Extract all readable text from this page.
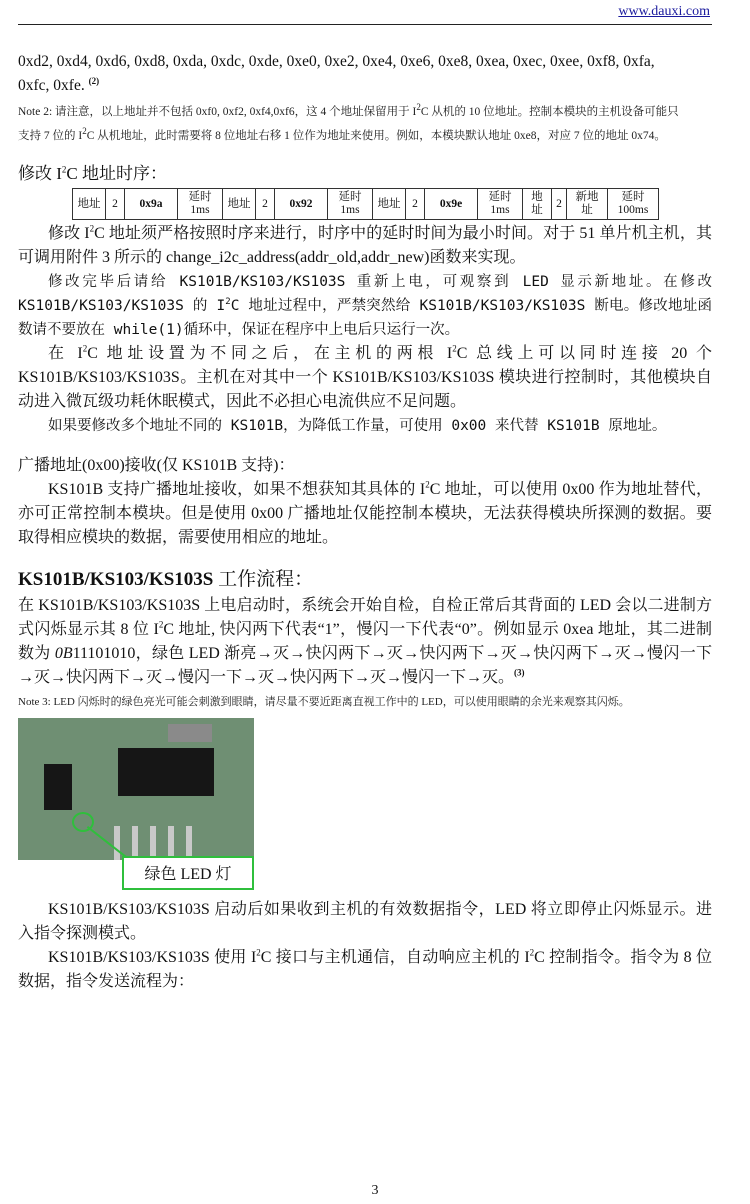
www.dauxi.com

0xd2, 0xd4, 0xd6, 0xd8, 0xda, 0xdc, 0xde, 0xe0, 0xe2, 0xe4, 0xe6, 0xe8, 0xea, 0xec, 0xee, 0xf8, 0xfa,
0xfc, 0xfe. $^{(2)}$

Note 2: 请注意，以上地址并不包括 0xf0, 0xf2, 0xf4,0xf6，这 4 个地址保留用于 $I^2C$ 从机的 10 位地址。控制本模块的主机设备可能只
支持 7 位的 $I^2C$ 从机地址，此时需要将 8 位地址右移 1 位作为地址来使用。例如，本模块默认地址 0xe8，对应 7 位的地址 0x74。

修改 $I^2C$ 地址时序：

地址	2	0x9a	延时 1ms	地址	2	0x92	延时 1ms	地址	2	0x9e	延时 1ms	地址	2	新地址	延时 100ms

修改 $I^2C$ 地址须严格按照时序来进行，时序中的延时时间为最小时间。对于 51 单片机主机，其可调用附件 3 所示的 change_i2c_address(addr_old,addr_new)函数来实现。

修改完毕后请给 KS101B/KS103/KS103S 重新上电，可观察到 LED 显示新地址。在修改 KS101B/KS103/KS103S 的 $I^2C$ 地址过程中，严禁突然给 KS101B/KS103/KS103S 断电。修改地址函数请不要放在 while(1)循环中，保证在程序中上电后只运行一次。

在 $I^2C$ 地址设置为不同之后，在主机的两根 $I^2C$ 总线上可以同时连接 20 个 KS101B/KS103/KS103S。主机在对其中一个 KS101B/KS103/KS103S 模块进行控制时，其他模块自动进入微瓦级功耗休眠模式，因此不必担心电流供应不足问题。

如果要修改多个地址不同的 KS101B，为降低工作量，可使用 0x00 来代替 KS101B 原地址。

广播地址(0x00)接收(仅 KS101B 支持)：

KS101B 支持广播地址接收，如果不想获知其具体的 $I^2C$ 地址，可以使用 0x00 作为地址替代，亦可正常控制本模块。但是使用 0x00 广播地址仅能控制本模块，无法获得模块所探测的数据。要取得相应模块的数据，需要使用相应的地址。

KS101B/KS103/KS103S 工作流程：

在 KS101B/KS103/KS103S 上电启动时，系统会开始自检，自检正常后其背面的 LED 会以二进制方式闪烁显示其 8 位 $I^2C$ 地址, 快闪两下代表“1”，慢闪一下代表“0”。例如显示 0xea 地址，其二进制数为 0B11101010，绿色 LED 渐亮→灭→快闪两下→灭→快闪两下→灭→快闪两下→灭→慢闪一下→灭→快闪两下→灭→慢闪一下→灭→快闪两下→灭→慢闪一下→灭。$^{(3)}$

Note 3: LED 闪烁时的绿色亮光可能会刺激到眼睛，请尽量不要近距离直视工作中的 LED，可以使用眼睛的余光来观察其闪烁。

绿色 LED 灯

KS101B/KS103/KS103S 启动后如果收到主机的有效数据指令，LED 将立即停止闪烁显示。进入指令探测模式。

KS101B/KS103/KS103S 使用 $I^2C$ 接口与主机通信，自动响应主机的 $I^2C$ 控制指令。指令为 8 位数据，指令发送流程为：

3
